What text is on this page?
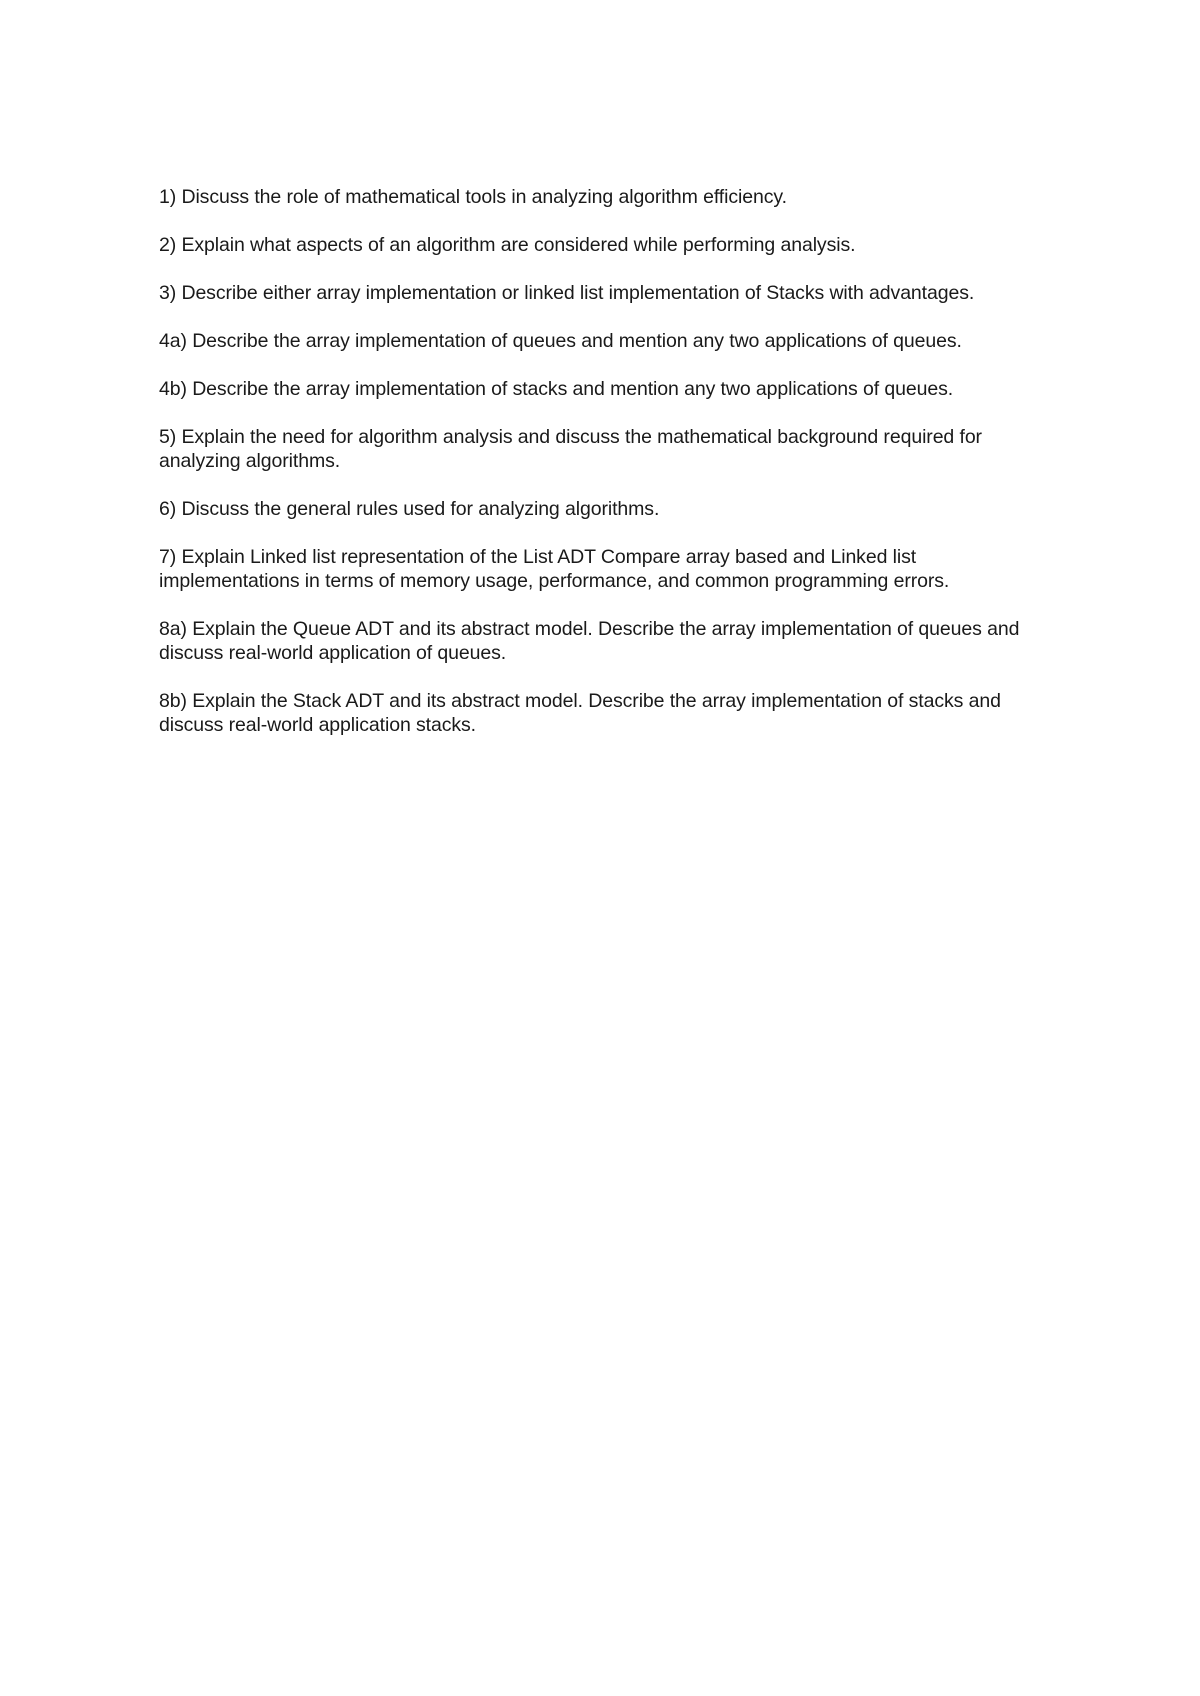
1) Discuss the role of mathematical tools in analyzing algorithm efficiency.
2) Explain what aspects of an algorithm are considered while performing analysis.
3) Describe either array implementation or linked list implementation of Stacks with advantages.
4a) Describe the array implementation of queues and mention any two applications of queues.
4b) Describe the array implementation of stacks and mention any two applications of queues.
5) Explain the need for algorithm analysis and discuss the mathematical background required for analyzing algorithms.
6) Discuss the general rules used for analyzing algorithms.
7) Explain Linked list representation of the List ADT Compare array based and Linked list implementations in terms of memory usage, performance, and common programming errors.
8a) Explain the Queue ADT and its abstract model. Describe the array implementation of queues and discuss real-world application of queues.
8b) Explain the Stack ADT and its abstract model. Describe the array implementation of stacks and discuss real-world application stacks.
